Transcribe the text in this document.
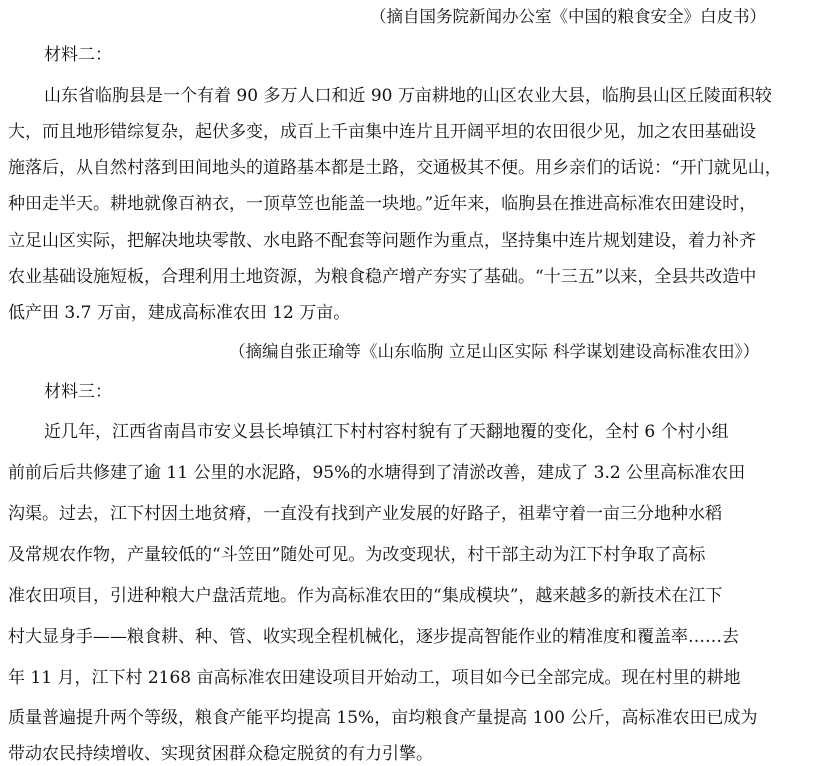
（摘自国务院新闻办公室《中国的粮食安全》白皮书）
材料二：
山东省临朐县是一个有着 90 多万人口和近 90 万亩耕地的山区农业大县，临朐县山区丘陵面积较
大，而且地形错综复杂，起伏多变，成百上千亩集中连片且开阔平坦的农田很少见，加之农田基础设
施落后，从自然村落到田间地头的道路基本都是土路，交通极其不便。用乡亲们的话说：“开门就见山，
种田走半天。耕地就像百衲衣，一顶草笠也能盖一块地。”近年来，临朐县在推进高标准农田建设时，
立足山区实际，把解决地块零散、水电路不配套等问题作为重点，坚持集中连片规划建设，着力补齐
农业基础设施短板，合理利用土地资源，为粮食稳产增产夯实了基础。“十三五”以来，全县共改造中
低产田 3.7 万亩，建成高标准农田 12 万亩。
（摘编自张正瑜等《山东临朐 立足山区实际 科学谋划建设高标准农田》）
材料三：
近几年，江西省南昌市安义县长埠镇江下村村容村貌有了天翻地覆的变化，全村 6 个村小组
前前后后共修建了逾 11 公里的水泥路，95%的水塘得到了清淤改善，建成了 3.2 公里高标准农田
沟渠。过去，江下村因土地贫瘠，一直没有找到产业发展的好路子，祖辈守着一亩三分地种水稻
及常规农作物，产量较低的“斗笠田”随处可见。为改变现状，村干部主动为江下村争取了高标
准农田项目，引进种粮大户盘活荒地。作为高标准农田的“集成模块”，越来越多的新技术在江下
村大显身手——粮食耕、种、管、收实现全程机械化，逐步提高智能作业的精准度和覆盖率……去
年 11 月，江下村 2168 亩高标准农田建设项目开始动工，项目如今已全部完成。现在村里的耕地
质量普遍提升两个等级，粮食产能平均提高 15%，亩均粮食产量提高 100 公斤，高标准农田已成为
带动农民持续增收、实现贫困群众稳定脱贫的有力引擎。
